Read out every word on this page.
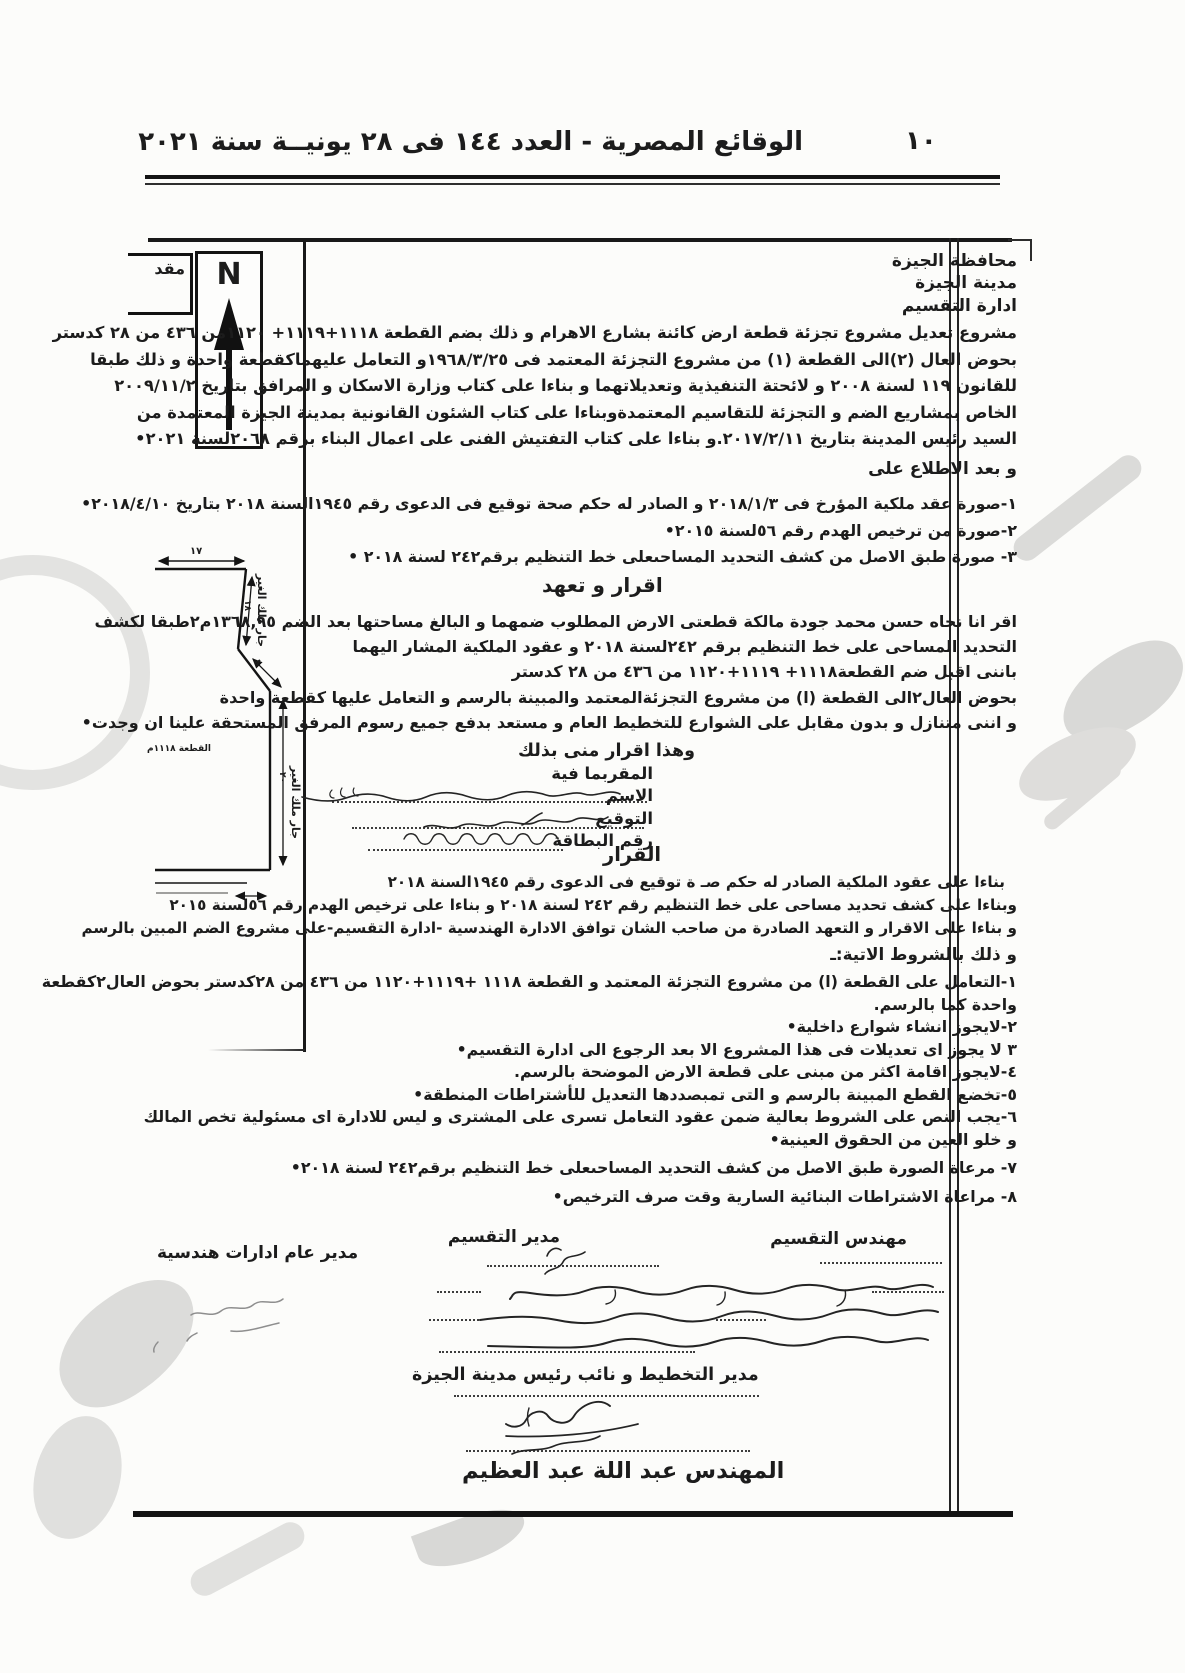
١٠
الوقائع المصرية - العدد ١٤٤ فى ٢٨ يونيــة سنة ٢٠٢١
مقد	N
١٧
١٨
٨
٢٠
جار ملك الغير
جار ملك الغير
القطعة ١١١٨م
محافظة الجيزة
مدينة الجيزة
ادارة التقسيم
مشروع تعديل مشروع تجزئة قطعة ارض كائنة بشارع الاهرام و ذلك بضم القطعة ١١١٨+١١١٩+ ١١٢٠من ٤٣٦ من ٢٨ كدستر
بحوض العال (٢)الى القطعة (١) من مشروع التجزئة المعتمد فى ١٩٦٨/٣/٢٥و التعامل عليهماكقطعة واحدة و ذلك طبقا
للقانون ١١٩ لسنة ٢٠٠٨ و لائحتة التنفيذية وتعديلاتهما و بناءا على كتاب وزارة الاسكان و المرافق بتاريخ ٢٠٠٩/١١/٢
الخاص بمشاريع الضم و التجزئة للتقاسيم المعتمدةوبناءا على كتاب الشئون القانونية بمدينة الجيزة المعتمدة من
السيد رئيس المدينة بتاريخ ٢٠١٧/٢/١١.و بناءا على كتاب التفتيش الفنى على اعمال البناء برقم ٢٠٦٨لسنة ٢٠٢١•
و بعد الاطلاع على
١-صورة عقد ملكية المؤرخ فى ٢٠١٨/١/٣ و الصادر له حكم صحة توقيع فى الدعوى رقم ١٩٤٥السنة ٢٠١٨ بتاريخ ٢٠١٨/٤/١٠•
٢-صورة من ترخيص الهدم رقم ٥٦لسنة ٢٠١٥•
٣- صورة طبق الاصل من كشف التحديد المساحىعلى خط التنظيم برقم٢٤٢ لسنة ٢٠١٨ •
اقرار و تعهد
اقر انا نجاه حسن محمد جودة مالكة قطعتى الارض المطلوب ضمهما و البالغ مساحتها بعد الضم ١٣٦٨,٩٥م٢طبقا لكشف
التحديد المساحى على خط التنظيم برقم ٢٤٢لسنة ٢٠١٨ و عقود الملكية المشار اليهما
باننى اقبل ضم القطعة١١١٨+ ١١١٩+١١٢٠ من ٤٣٦ من ٢٨ كدستر
بحوض العال٢الى القطعة (ا) من مشروع التجزئةالمعتمد والمبينة بالرسم و التعامل عليها كقطعة واحدة
و اننى متنازل و بدون مقابل على الشوارع للتخطيط العام و مستعد بدفع جميع رسوم المرفق المستحقة علينا ان وجدت•
وهذا اقرار منى بذلك
المقربما فية
الاسم
التوقيع
رقم البطاقة
القرار
بناءا على عقود الملكية الصادر له حكم صـ ة توقيع فى الدعوى رقم ١٩٤٥السنة ٢٠١٨
وبناءا على كشف تحديد مساحى على خط التنظيم رقم ٢٤٢ لسنة ٢٠١٨ و بناءا على ترخيص الهدم رقم ٥٦لسنة ٢٠١٥
و بناءا على الاقرار و التعهد الصادرة من صاحب الشان توافق الادارة الهندسية -ادارة التقسيم-على مشروع الضم المبين بالرسم
و ذلك بالشروط الاتية:ـ
١-التعامل على القطعة (ا) من مشروع التجزئة المعتمد و القطعة ١١١٨ +١١١٩+١١٢٠ من ٤٣٦ من ٢٨كدستر بحوض العال٢كقطعة
واحدة كما بالرسم.
٢-لايجوز انشاء شوارع داخلية•
٣ لا يجوز اى تعديلات فى هذا المشروع الا بعد الرجوع الى ادارة التقسيم•
٤-لايجوز اقامة اكثر من مبنى على قطعة الارض الموضحة بالرسم.
٥-تخضع القطع المبينة بالرسم و التى تمبصددها التعديل للأشتراطات المنطقة•
٦-يجب النص على الشروط بعالية ضمن عقود التعامل تسرى على المشترى و ليس للادارة اى مسئولية تخص المالك
و خلو العين من الحقوق العينية•
٧- مرعاة الصورة طبق الاصل من كشف التحديد المساحىعلى خط التنظيم برقم٢٤٢ لسنة ٢٠١٨•
٨- مراعاة الاشتراطات البنائية السارية وقت صرف الترخيص•
مهندس التقسيم
مدير التقسيم
مدير عام ادارات هندسية
مدير التخطيط و نائب رئيس مدينة الجيزة
المهندس عبد اللة عبد العظيم
